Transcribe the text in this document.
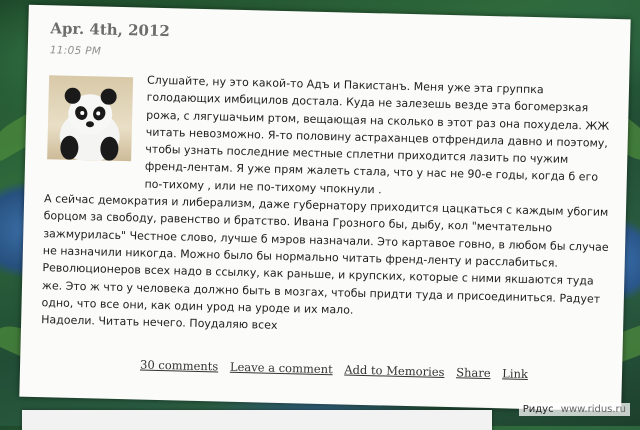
Apr. 4th, 2012
11:05 PM

Слушайте, ну это какой-то Адъ и Пакистанъ. Меня уже эта группка голодающих имбицилов достала. Куда не залезешь везде эта богомерзкая рожа, с лягушачьим ртом, вещающая на сколько в этот раз она похудела. ЖЖ читать невозможно. Я-то половину астраханцев отфрендила давно и поэтому, чтобы узнать последние местные сплетни приходится лазить по чужим френд-лентам. Я уже прям жалеть стала, что у нас не 90-е годы, когда б его по-тихому , или не по-тихому чпокнули .

А сейчас демократия и либерализм, даже губернатору приходится цацкаться с каждым убогим борцом за свободу, равенство и братство. Ивана Грозного бы, дыбу, кол "мечтательно зажмурилась" Честное слово, лучше б мэров назначали. Это картавое говно, в любом бы случае не назначили никогда. Можно было бы нормально читать френд-ленту и расслабиться. Революционеров всех надо в ссылку, как раньше, и крупских, которые с ними якшаются туда же. Это ж что у человека должно быть в мозгах, чтобы придти туда и присоединиться. Радует одно, что все они, как один урод на уроде и их мало.

Надоели. Читать нечего. Поудаляю всех

30 comments Leave a comment Add to Memories Share Link
Ридус www.ridus.ru
